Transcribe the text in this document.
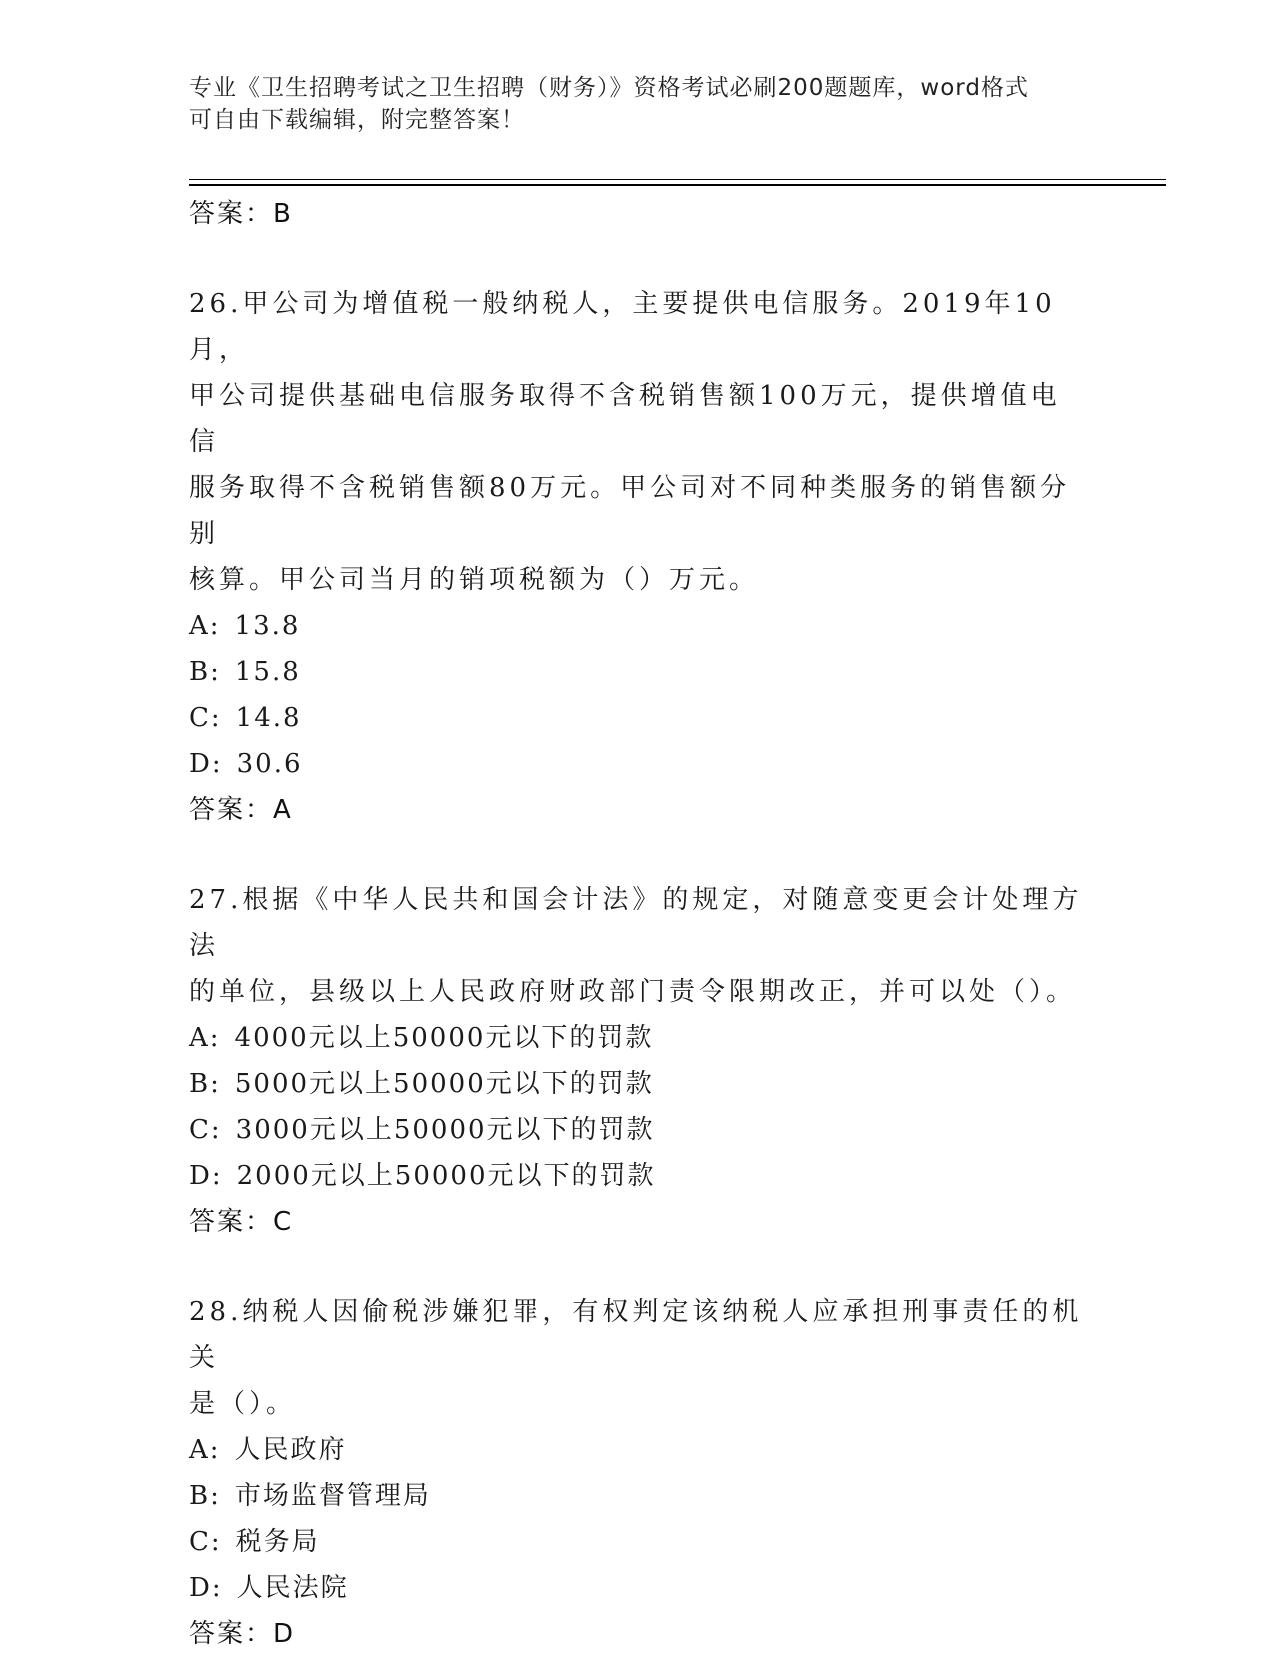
专业《卫生招聘考试之卫生招聘（财务）》资格考试必刷200题题库，word格式
可自由下载编辑，附完整答案！
答案：B
26.甲公司为增值税一般纳税人，主要提供电信服务。2019年10月，
甲公司提供基础电信服务取得不含税销售额100万元，提供增值电信
服务取得不含税销售额80万元。甲公司对不同种类服务的销售额分别
核算。甲公司当月的销项税额为（）万元。
A: 13.8
B: 15.8
C: 14.8
D: 30.6
答案：A
27.根据《中华人民共和国会计法》的规定，对随意变更会计处理方法
的单位，县级以上人民政府财政部门责令限期改正，并可以处（）。
A: 4000元以上50000元以下的罚款
B: 5000元以上50000元以下的罚款
C: 3000元以上50000元以下的罚款
D: 2000元以上50000元以下的罚款
答案：C
28.纳税人因偷税涉嫌犯罪，有权判定该纳税人应承担刑事责任的机关
是（）。
A: 人民政府
B: 市场监督管理局
C: 税务局
D: 人民法院
答案：D
